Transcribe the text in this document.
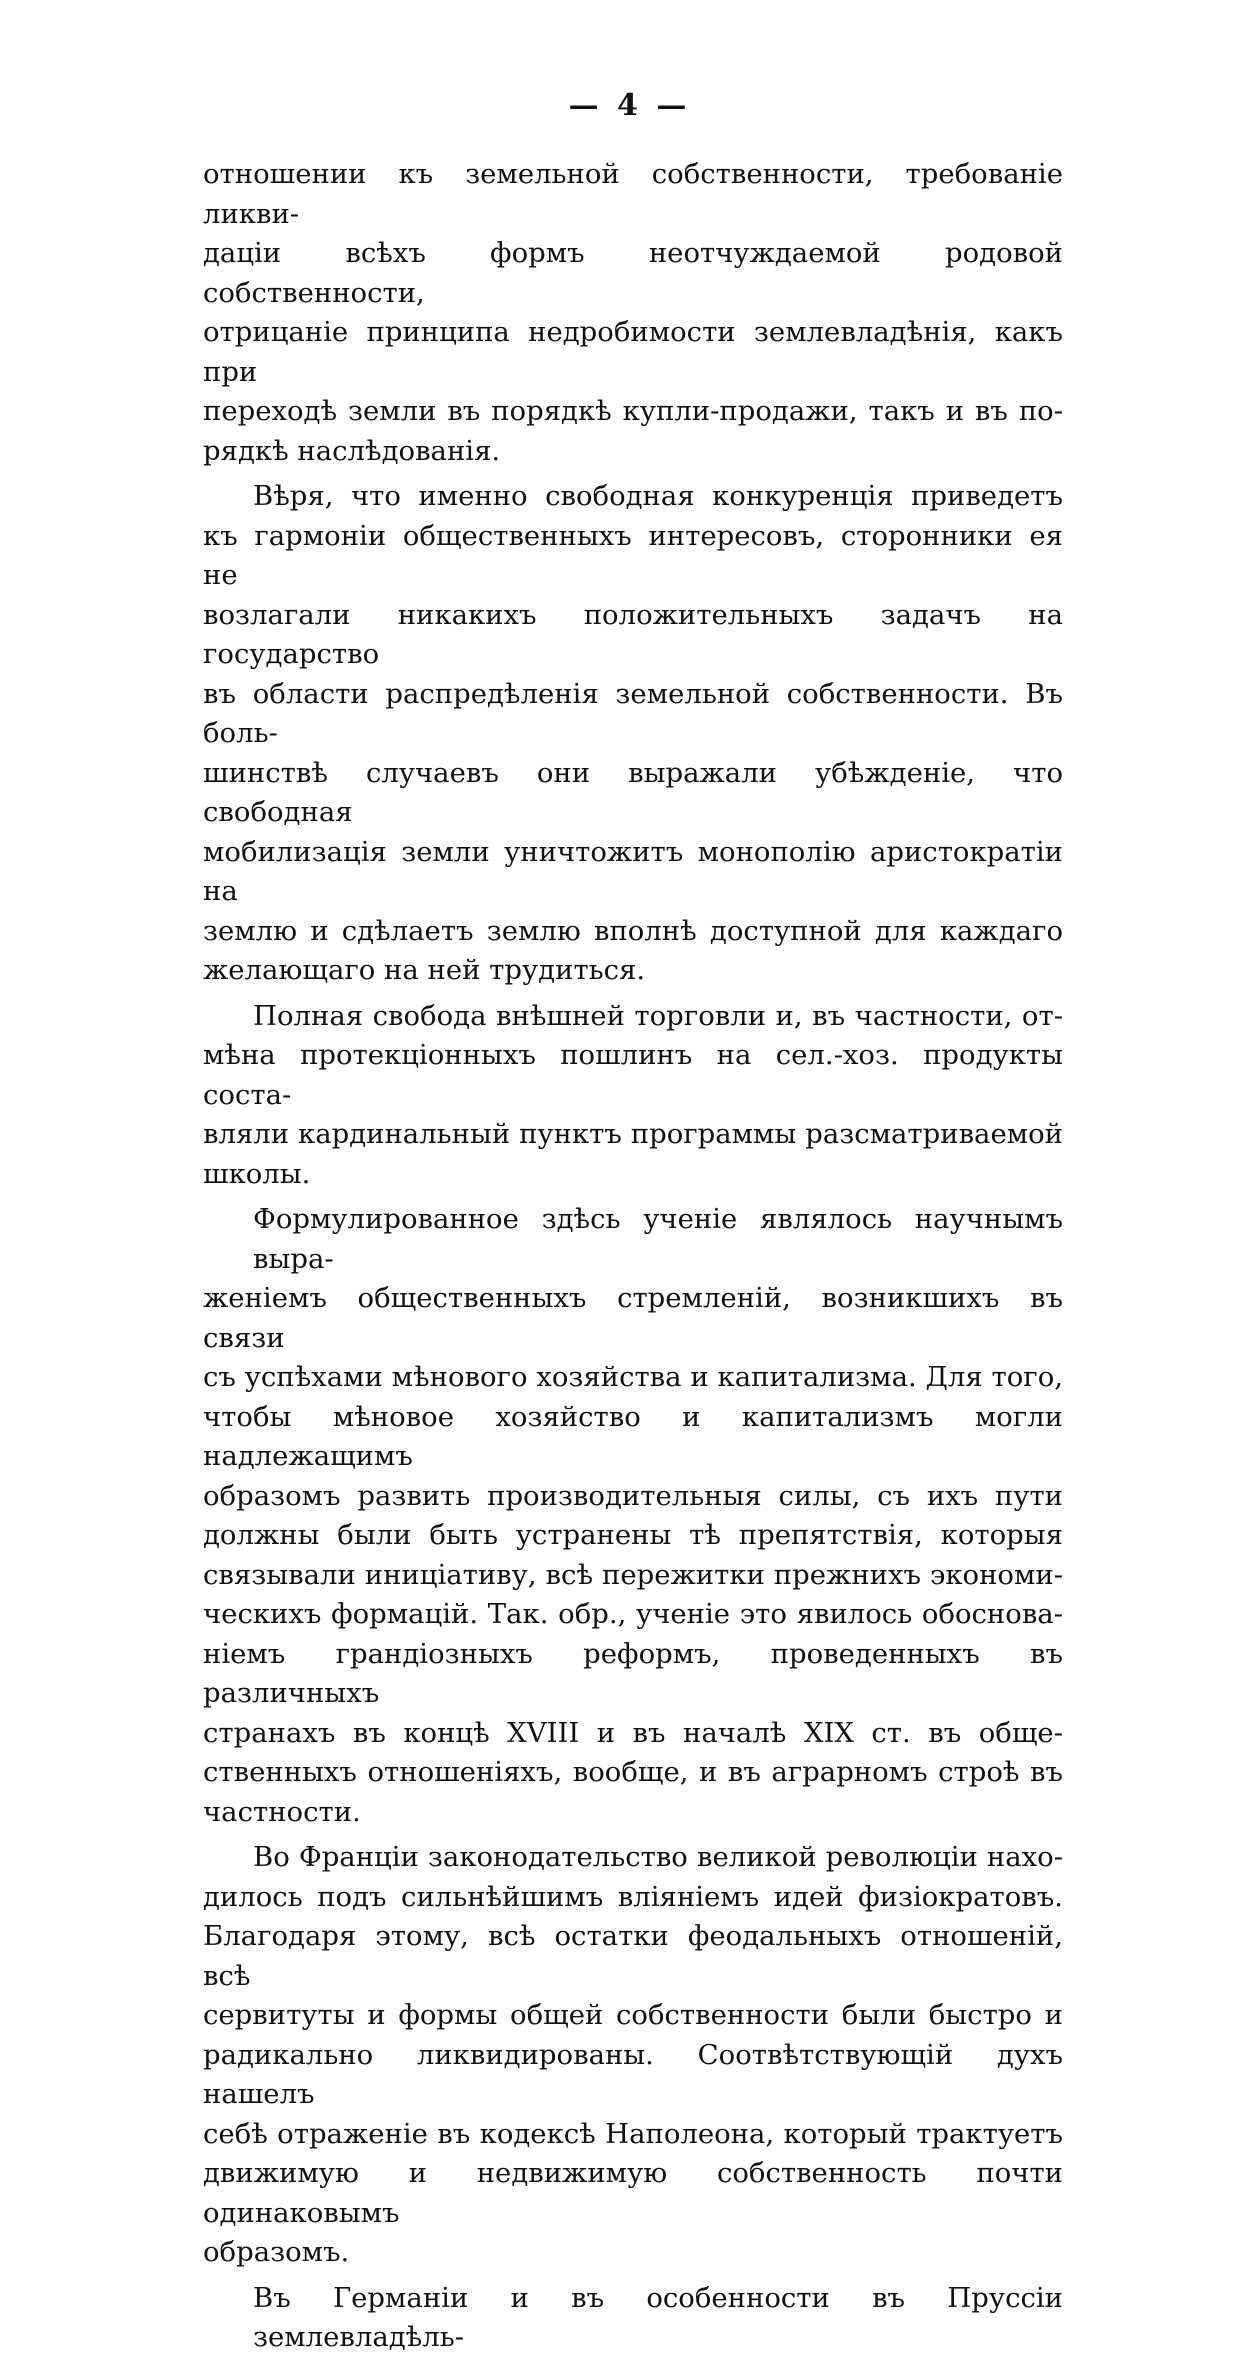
— 4 —

отношении къ земельной собственности, требованіе ликви-
даціи всѣхъ формъ неотчуждаемой родовой собственности,
отрицаніе принципа недробимости землевладѣнія, какъ при
переходѣ земли въ порядкѣ купли-продажи, такъ и въ по-
рядкѣ наслѣдованія.

Вѣря, что именно свободная конкуренція приведетъ
къ гармоніи общественныхъ интересовъ, сторонники ея не
возлагали никакихъ положительныхъ задачъ на государство
въ области распредѣленія земельной собственности. Въ боль-
шинствѣ случаевъ они выражали убѣжденіе, что свободная
мобилизація земли уничтожитъ монополію аристократіи на
землю и сдѣлаетъ землю вполнѣ доступной для каждаго
желающаго на ней трудиться.

Полная свобода внѣшней торговли и, въ частности, от-
мѣна протекціонныхъ пошлинъ на сел.-хоз. продукты соста-
вляли кардинальный пунктъ программы разсматриваемой
школы.

Формулированное здѣсь ученіе являлось научнымъ выра-
женіемъ общественныхъ стремленій, возникшихъ въ связи
съ успѣхами мѣнового хозяйства и капитализма. Для того,
чтобы мѣновое хозяйство и капитализмъ могли надлежащимъ
образомъ развить производительныя силы, съ ихъ пути
должны были быть устранены тѣ препятствія, которыя
связывали иниціативу, всѣ пережитки прежнихъ экономи-
ческихъ формацій. Так. обр., ученіе это явилось обоснова-
ніемъ грандіозныхъ реформъ, проведенныхъ въ различныхъ
странахъ въ концѣ XVIII и въ началѣ XIX ст. въ обще-
ственныхъ отношеніяхъ, вообще, и въ аграрномъ строѣ въ
частности.

Во Франціи законодательство великой революціи нахо-
дилось подъ сильнѣйшимъ вліяніемъ идей физіократовъ.
Благодаря этому, всѣ остатки феодальныхъ отношеній, всѣ
сервитуты и формы общей собственности были быстро и
радикально ликвидированы. Соотвѣтствующій духъ нашелъ
себѣ отраженіе въ кодексѣ Наполеона, который трактуетъ
движимую и недвижимую собственность почти одинаковымъ
образомъ.

Въ Германіи и въ особенности въ Пруссіи землевладѣль-
